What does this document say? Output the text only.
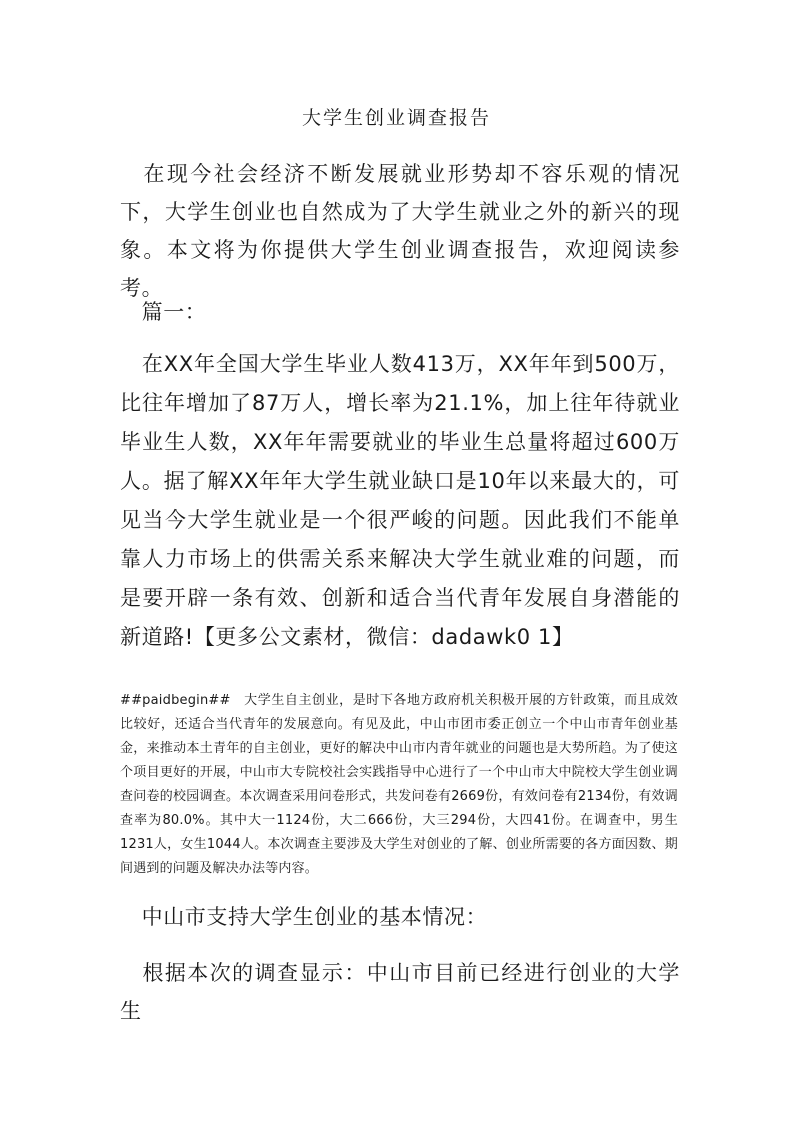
大学生创业调查报告

 在现今社会经济不断发展就业形势却不容乐观的情况下，大学生创业也自然成为了大学生就业之外的新兴的现象。本文将为你提供大学生创业调查报告，欢迎阅读参考。

 篇一：

 在XX年全国大学生毕业人数413万，XX年年到500万，比往年增加了87万人，增长率为21.1%，加上往年待就业毕业生人数，XX年年需要就业的毕业生总量将超过600万人。据了解XX年年大学生就业缺口是10年以来最大的，可见当今大学生就业是一个很严峻的问题。因此我们不能单靠人力市场上的供需关系来解决大学生就业难的问题，而是要开辟一条有效、创新和适合当代青年发展自身潜能的新道路!【更多公文素材，微信：dadawk0 1】

##paidbegin##  大学生自主创业，是时下各地方政府机关积极开展的方针政策，而且成效比较好，还适合当代青年的发展意向。有见及此，中山市团市委正创立一个中山市青年创业基金，来推动本土青年的自主创业，更好的解决中山市内青年就业的问题也是大势所趋。为了使这个项目更好的开展，中山市大专院校社会实践指导中心进行了一个中山市大中院校大学生创业调查问卷的校园调查。本次调查采用问卷形式，共发问卷有2669份，有效问卷有2134份，有效调查率为80.0%。其中大一1124份，大二666份，大三294份，大四41份。在调查中，男生1231人，女生1044人。本次调查主要涉及大学生对创业的了解、创业所需要的各方面因数、期间遇到的问题及解决办法等内容。

 中山市支持大学生创业的基本情况：

 根据本次的调查显示：中山市目前已经进行创业的大学生
